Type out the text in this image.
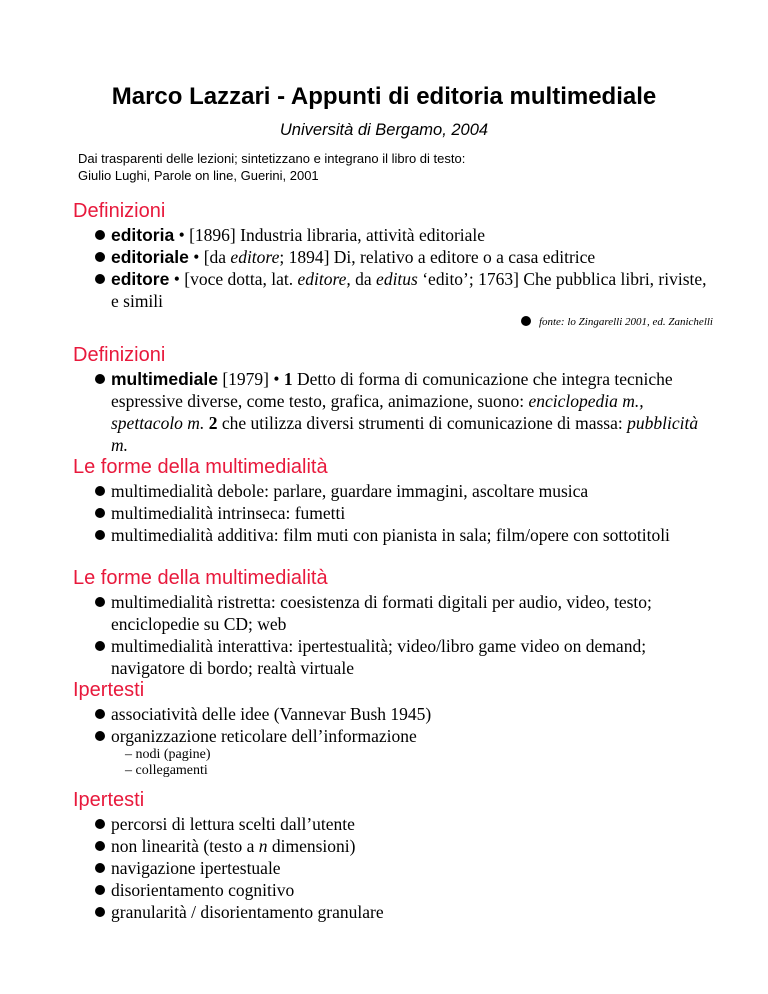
Marco Lazzari - Appunti di editoria multimediale
Università di Bergamo, 2004
Dai trasparenti delle lezioni; sintetizzano e integrano il libro di testo:
Giulio Lughi, Parole on line, Guerini, 2001
Definizioni
editoria • [1896] Industria libraria, attività editoriale
editoriale • [da editore; 1894] Di, relativo a editore o a casa editrice
editore • [voce dotta, lat. editore, da editus ‘edito’; 1763] Che pubblica libri, riviste, e simili
fonte: lo Zingarelli 2001, ed. Zanichelli
Definizioni
multimediale [1979] • 1 Detto di forma di comunicazione che integra tecniche espressive diverse, come testo, grafica, animazione, suono: enciclopedia m., spettacolo m. 2 che utilizza diversi strumenti di comunicazione di massa: pubblicità m.
Le forme della multimedialità
multimedialità debole: parlare, guardare immagini, ascoltare musica
multimedialità intrinseca: fumetti
multimedialità additiva: film muti con pianista in sala; film/opere con sottotitoli
Le forme della multimedialità
multimedialità ristretta: coesistenza di formati digitali per audio, video, testo; enciclopedie su CD; web
multimedialità interattiva: ipertestualità; video/libro game video on demand; navigatore di bordo; realtà virtuale
Ipertesti
associatività delle idee (Vannevar Bush 1945)
organizzazione reticolare dell’informazione
– nodi (pagine)
– collegamenti
Ipertesti
percorsi di lettura scelti dall’utente
non linearità (testo a n dimensioni)
navigazione ipertestuale
disorientamento cognitivo
granularità / disorientamento granulare
